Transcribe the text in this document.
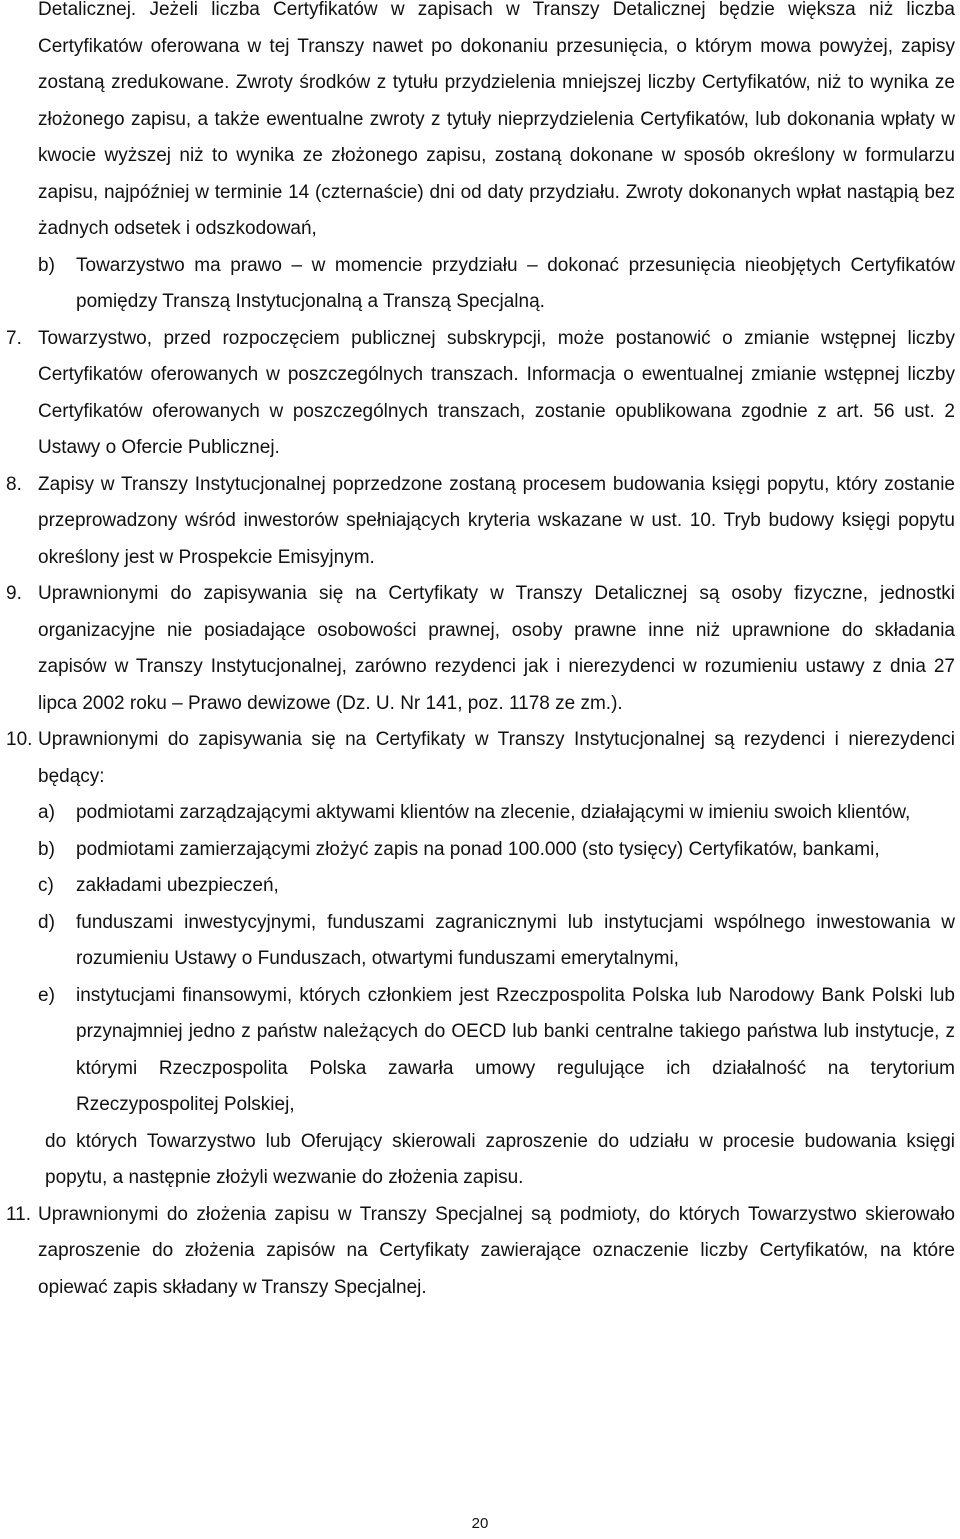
Detalicznej. Jeżeli liczba Certyfikatów w zapisach w Transzy Detalicznej będzie większa niż liczba Certyfikatów oferowana w tej Transzy nawet po dokonaniu przesunięcia, o którym mowa powyżej, zapisy zostaną zredukowane. Zwroty środków z tytułu przydzielenia mniejszej liczby Certyfikatów, niż to wynika ze złożonego zapisu, a także ewentualne zwroty z tytuły nieprzydzielenia Certyfikatów, lub dokonania wpłaty w kwocie wyższej niż to wynika ze złożonego zapisu, zostaną dokonane w sposób określony w formularzu zapisu, najpóźniej w terminie 14 (czternaście) dni od daty przydziału. Zwroty dokonanych wpłat nastąpią bez żadnych odsetek i odszkodowań,

b) Towarzystwo ma prawo – w momencie przydziału – dokonać przesunięcia nieobjętych Certyfikatów pomiędzy Transzą Instytucjonalną a Transzą Specjalną.
7. Towarzystwo, przed rozpoczęciem publicznej subskrypcji, może postanowić o zmianie wstępnej liczby Certyfikatów oferowanych w poszczególnych transzach. Informacja o ewentualnej zmianie wstępnej liczby Certyfikatów oferowanych w poszczególnych transzach, zostanie opublikowana zgodnie z art. 56 ust. 2 Ustawy o Ofercie Publicznej.
8. Zapisy w Transzy Instytucjonalnej poprzedzone zostaną procesem budowania księgi popytu, który zostanie przeprowadzony wśród inwestorów spełniających kryteria wskazane w ust. 10. Tryb budowy księgi popytu określony jest w Prospekcie Emisyjnym.
9. Uprawnionymi do zapisywania się na Certyfikaty w Transzy Detalicznej są osoby fizyczne, jednostki organizacyjne nie posiadające osobowości prawnej, osoby prawne inne niż uprawnione do składania zapisów w Transzy Instytucjonalnej, zarówno rezydenci jak i nierezydenci w rozumieniu ustawy z dnia 27 lipca 2002 roku – Prawo dewizowe (Dz. U. Nr 141, poz. 1178 ze zm.).
10. Uprawnionymi do zapisywania się na Certyfikaty w Transzy Instytucjonalnej są rezydenci i nierezydenci będący:
a) podmiotami zarządzającymi aktywami klientów na zlecenie, działającymi w imieniu swoich klientów,
b) podmiotami zamierzającymi złożyć zapis na ponad 100.000 (sto tysięcy) Certyfikatów, bankami,
c) zakładami ubezpieczeń,
d) funduszami inwestycyjnymi, funduszami zagranicznymi lub instytucjami wspólnego inwestowania w rozumieniu Ustawy o Funduszach, otwartymi funduszami emerytalnymi,
e) instytucjami finansowymi, których członkiem jest Rzeczpospolita Polska lub Narodowy Bank Polski lub przynajmniej jedno z państw należących do OECD lub banki centralne takiego państwa lub instytucje, z którymi Rzeczpospolita Polska zawarła umowy regulujące ich działalność na terytorium Rzeczypospolitej Polskiej,

do których Towarzystwo lub Oferujący skierowali zaproszenie do udziału w procesie budowania księgi popytu, a następnie złożyli wezwanie do złożenia zapisu.

11. Uprawnionymi do złożenia zapisu w Transzy Specjalnej są podmioty, do których Towarzystwo skierowało zaproszenie do złożenia zapisów na Certyfikaty zawierające oznaczenie liczby Certyfikatów, na które opiewać zapis składany w Transzy Specjalnej.
20
